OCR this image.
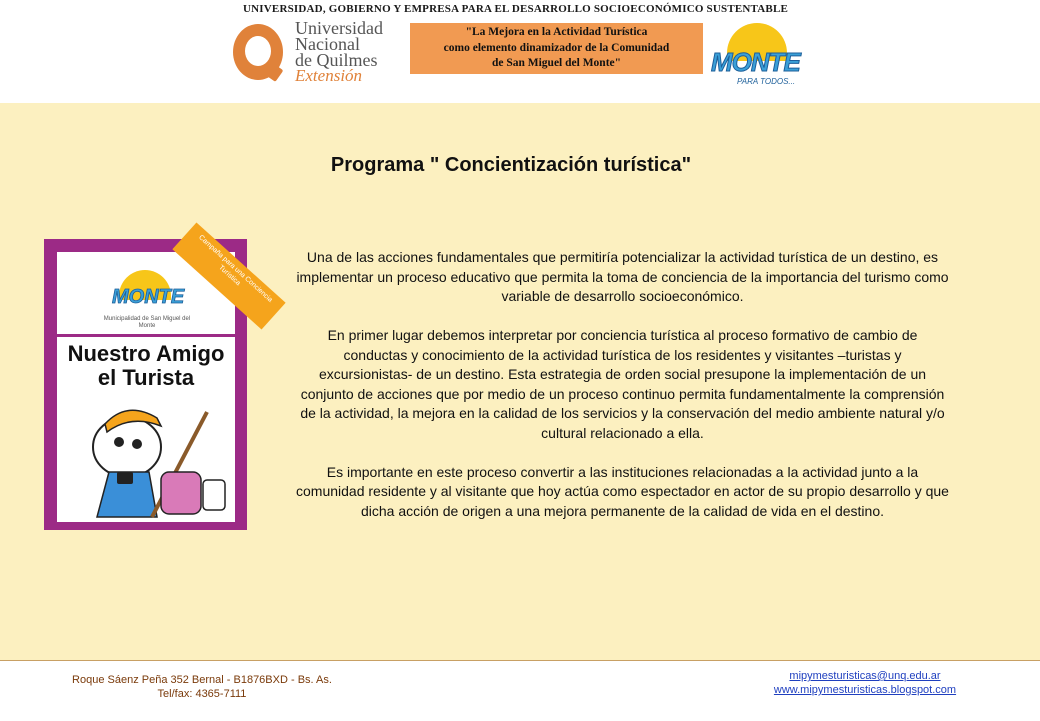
UNIVERSIDAD, GOBIERNO Y EMPRESA PARA EL DESARROLLO SOCIOECONÓMICO SUSTENTABLE
Universidad
Nacional
de Quilmes
Extensión
"La Mejora en la Actividad Turística
como elemento dinamizador de la Comunidad
de San Miguel del Monte"	MONTE
PARA TODOS...
Programa " Concientización turística"
MONTE
Municipalidad de San Miguel del Monte
Campaña para una Conciencia Turística
Nuestro Amigo
el Turista

Una de las acciones fundamentales que permitiría potencializar la actividad turística de un destino, es implementar un proceso educativo que permita la toma de conciencia de la importancia del turismo como variable de desarrollo socioeconómico.

En primer lugar debemos interpretar por conciencia turística al proceso formativo de cambio de conductas y conocimiento de la actividad turística de los residentes y visitantes –turistas y excursionistas- de un destino. Esta estrategia de orden social presupone la implementación de un conjunto de acciones que por medio de un proceso continuo permita fundamentalmente la comprensión de la actividad, la mejora en la calidad de los servicios y la conservación del medio ambiente natural y/o cultural relacionado a ella.

Es importante en este proceso convertir a las instituciones relacionadas a la actividad junto a la comunidad residente y al visitante que hoy actúa como espectador en actor de su propio desarrollo y que dicha acción de origen a una mejora permanente de la calidad de vida en el destino.

Roque Sáenz Peña 352 Bernal - B1876BXD - Bs. As.
Tel/fax: 4365-7111
mipymesturisticas@unq.edu.ar
www.mipymesturisticas.blogspot.com
